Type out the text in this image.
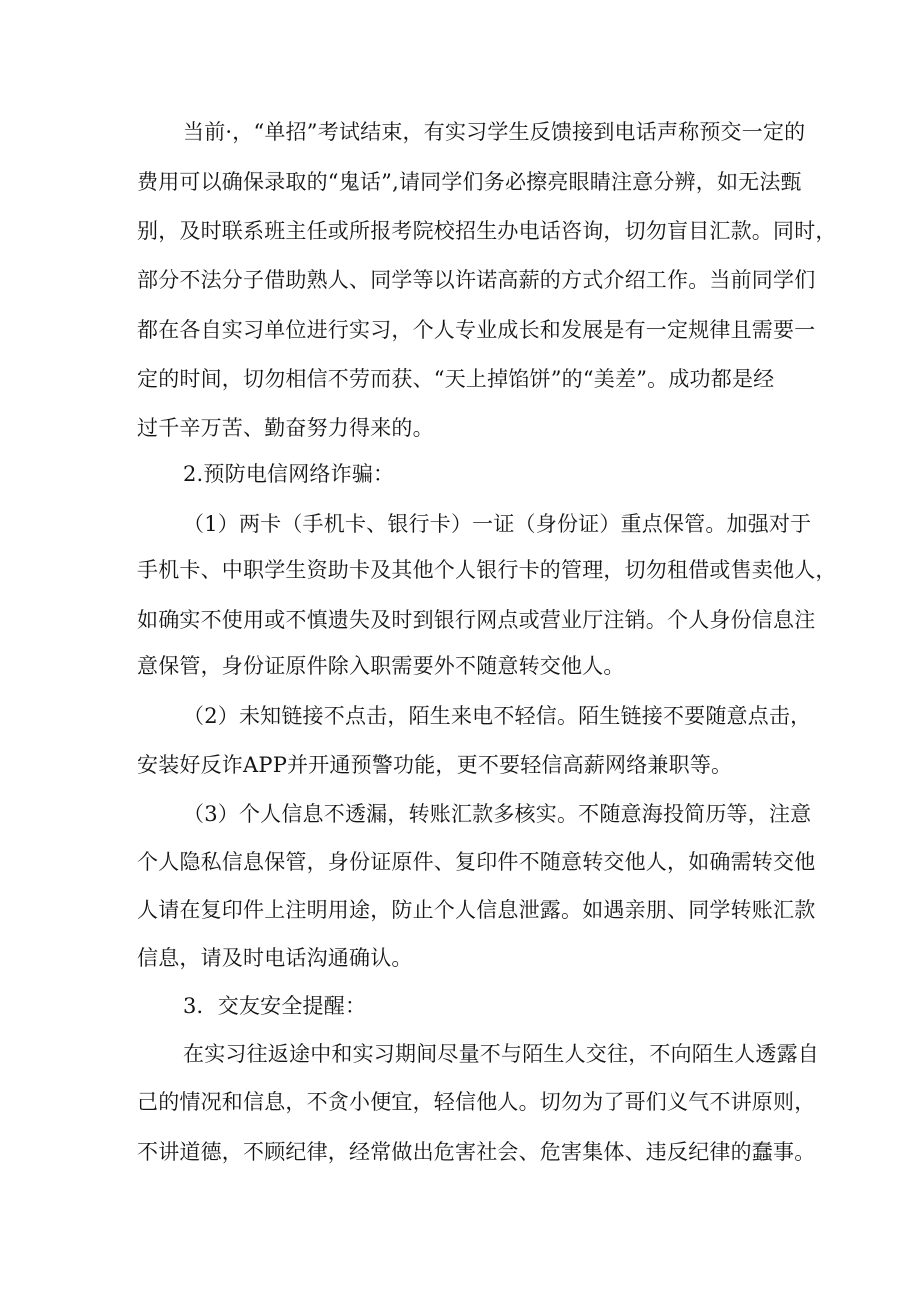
当前·，“单招”考试结束，有实习学生反馈接到电话声称预交一定的
费用可以确保录取的“鬼话”,请同学们务必擦亮眼睛注意分辨，如无法甄
别，及时联系班主任或所报考院校招生办电话咨询，切勿盲目汇款。同时，
部分不法分子借助熟人、同学等以许诺高薪的方式介绍工作。当前同学们
都在各自实习单位进行实习，个人专业成长和发展是有一定规律且需要一
定的时间，切勿相信不劳而获、“天上掉馅饼”的“美差”。成功都是经
过千辛万苦、勤奋努力得来的。
2.预防电信网络诈骗：
（1）两卡（手机卡、银行卡）一证（身份证）重点保管。加强对于
手机卡、中职学生资助卡及其他个人银行卡的管理，切勿租借或售卖他人，
如确实不使用或不慎遗失及时到银行网点或营业厅注销。个人身份信息注
意保管，身份证原件除入职需要外不随意转交他人。
（2）未知链接不点击，陌生来电不轻信。陌生链接不要随意点击，
安装好反诈APP并开通预警功能，更不要轻信高薪网络兼职等。
（3）个人信息不透漏，转账汇款多核实。不随意海投简历等，注意
个人隐私信息保管，身份证原件、复印件不随意转交他人，如确需转交他
人请在复印件上注明用途，防止个人信息泄露。如遇亲朋、同学转账汇款
信息，请及时电话沟通确认。
3．交友安全提醒：
在实习往返途中和实习期间尽量不与陌生人交往，不向陌生人透露自
己的情况和信息，不贪小便宜，轻信他人。切勿为了哥们义气不讲原则，
不讲道德，不顾纪律，经常做出危害社会、危害集体、违反纪律的蠢事。
